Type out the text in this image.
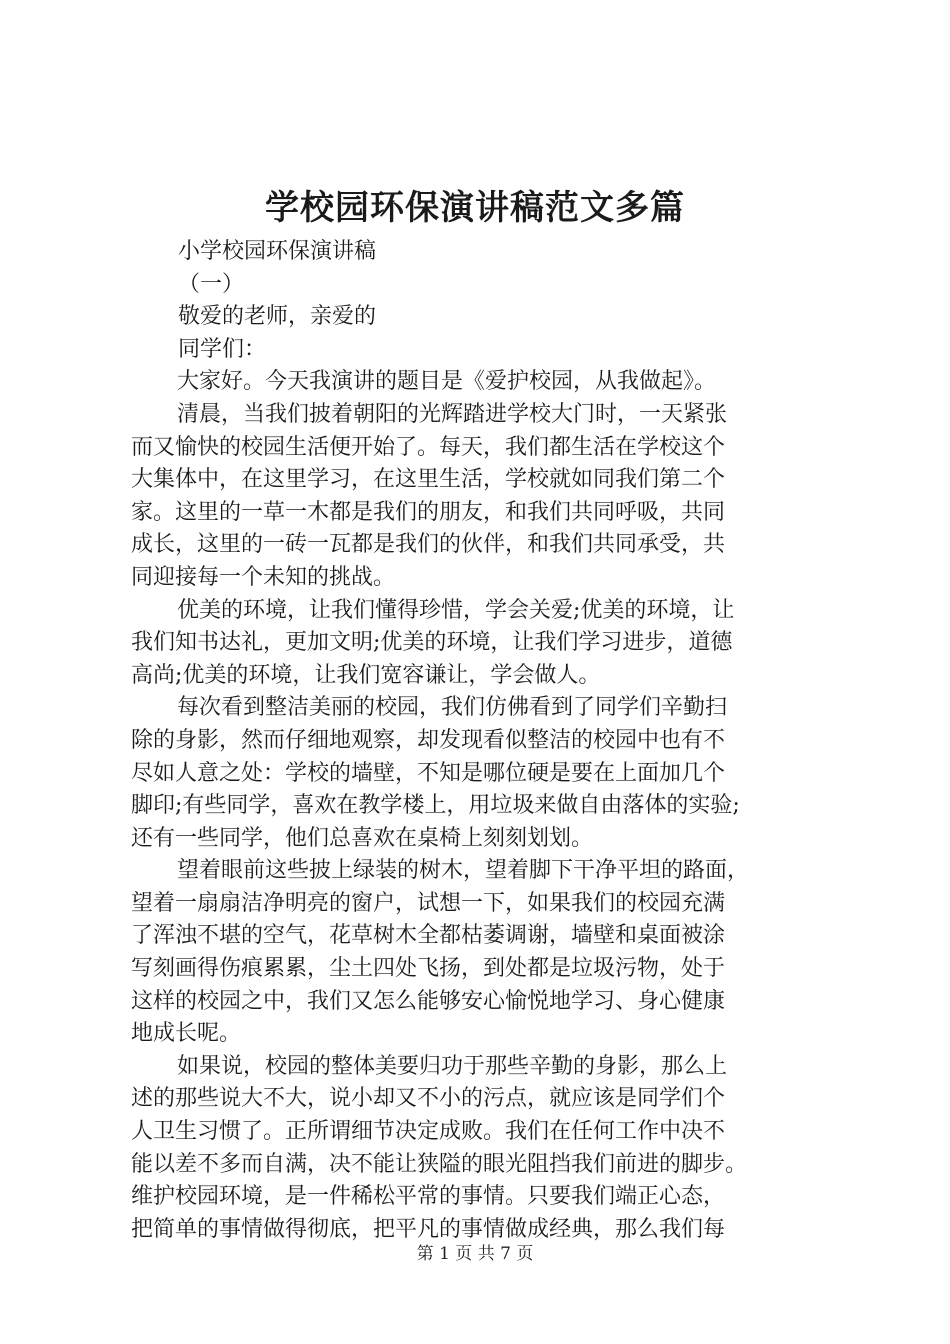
学校园环保演讲稿范文多篇
小学校园环保演讲稿
（一）
敬爱的老师，亲爱的
同学们：
大家好。今天我演讲的题目是《爱护校园，从我做起》。
清晨，当我们披着朝阳的光辉踏进学校大门时，一天紧张
而又愉快的校园生活便开始了。每天，我们都生活在学校这个
大集体中，在这里学习，在这里生活，学校就如同我们第二个
家。这里的一草一木都是我们的朋友，和我们共同呼吸，共同
成长，这里的一砖一瓦都是我们的伙伴，和我们共同承受，共
同迎接每一个未知的挑战。
优美的环境，让我们懂得珍惜，学会关爱;优美的环境，让
我们知书达礼，更加文明;优美的环境，让我们学习进步，道德
高尚;优美的环境，让我们宽容谦让，学会做人。
每次看到整洁美丽的校园，我们仿佛看到了同学们辛勤扫
除的身影，然而仔细地观察，却发现看似整洁的校园中也有不
尽如人意之处：学校的墙壁，不知是哪位硬是要在上面加几个
脚印;有些同学，喜欢在教学楼上，用垃圾来做自由落体的实验;
还有一些同学，他们总喜欢在桌椅上刻刻划划。
望着眼前这些披上绿装的树木，望着脚下干净平坦的路面，
望着一扇扇洁净明亮的窗户，试想一下，如果我们的校园充满
了浑浊不堪的空气，花草树木全都枯萎调谢，墙壁和桌面被涂
写刻画得伤痕累累，尘土四处飞扬，到处都是垃圾污物，处于
这样的校园之中，我们又怎么能够安心愉悦地学习、身心健康
地成长呢。
如果说，校园的整体美要归功于那些辛勤的身影，那么上
述的那些说大不大，说小却又不小的污点，就应该是同学们个
人卫生习惯了。正所谓细节决定成败。我们在任何工作中决不
能以差不多而自满，决不能让狭隘的眼光阻挡我们前进的脚步。
维护校园环境，是一件稀松平常的事情。只要我们端正心态，
把简单的事情做得彻底，把平凡的事情做成经典，那么我们每
第 1 页 共 7 页
